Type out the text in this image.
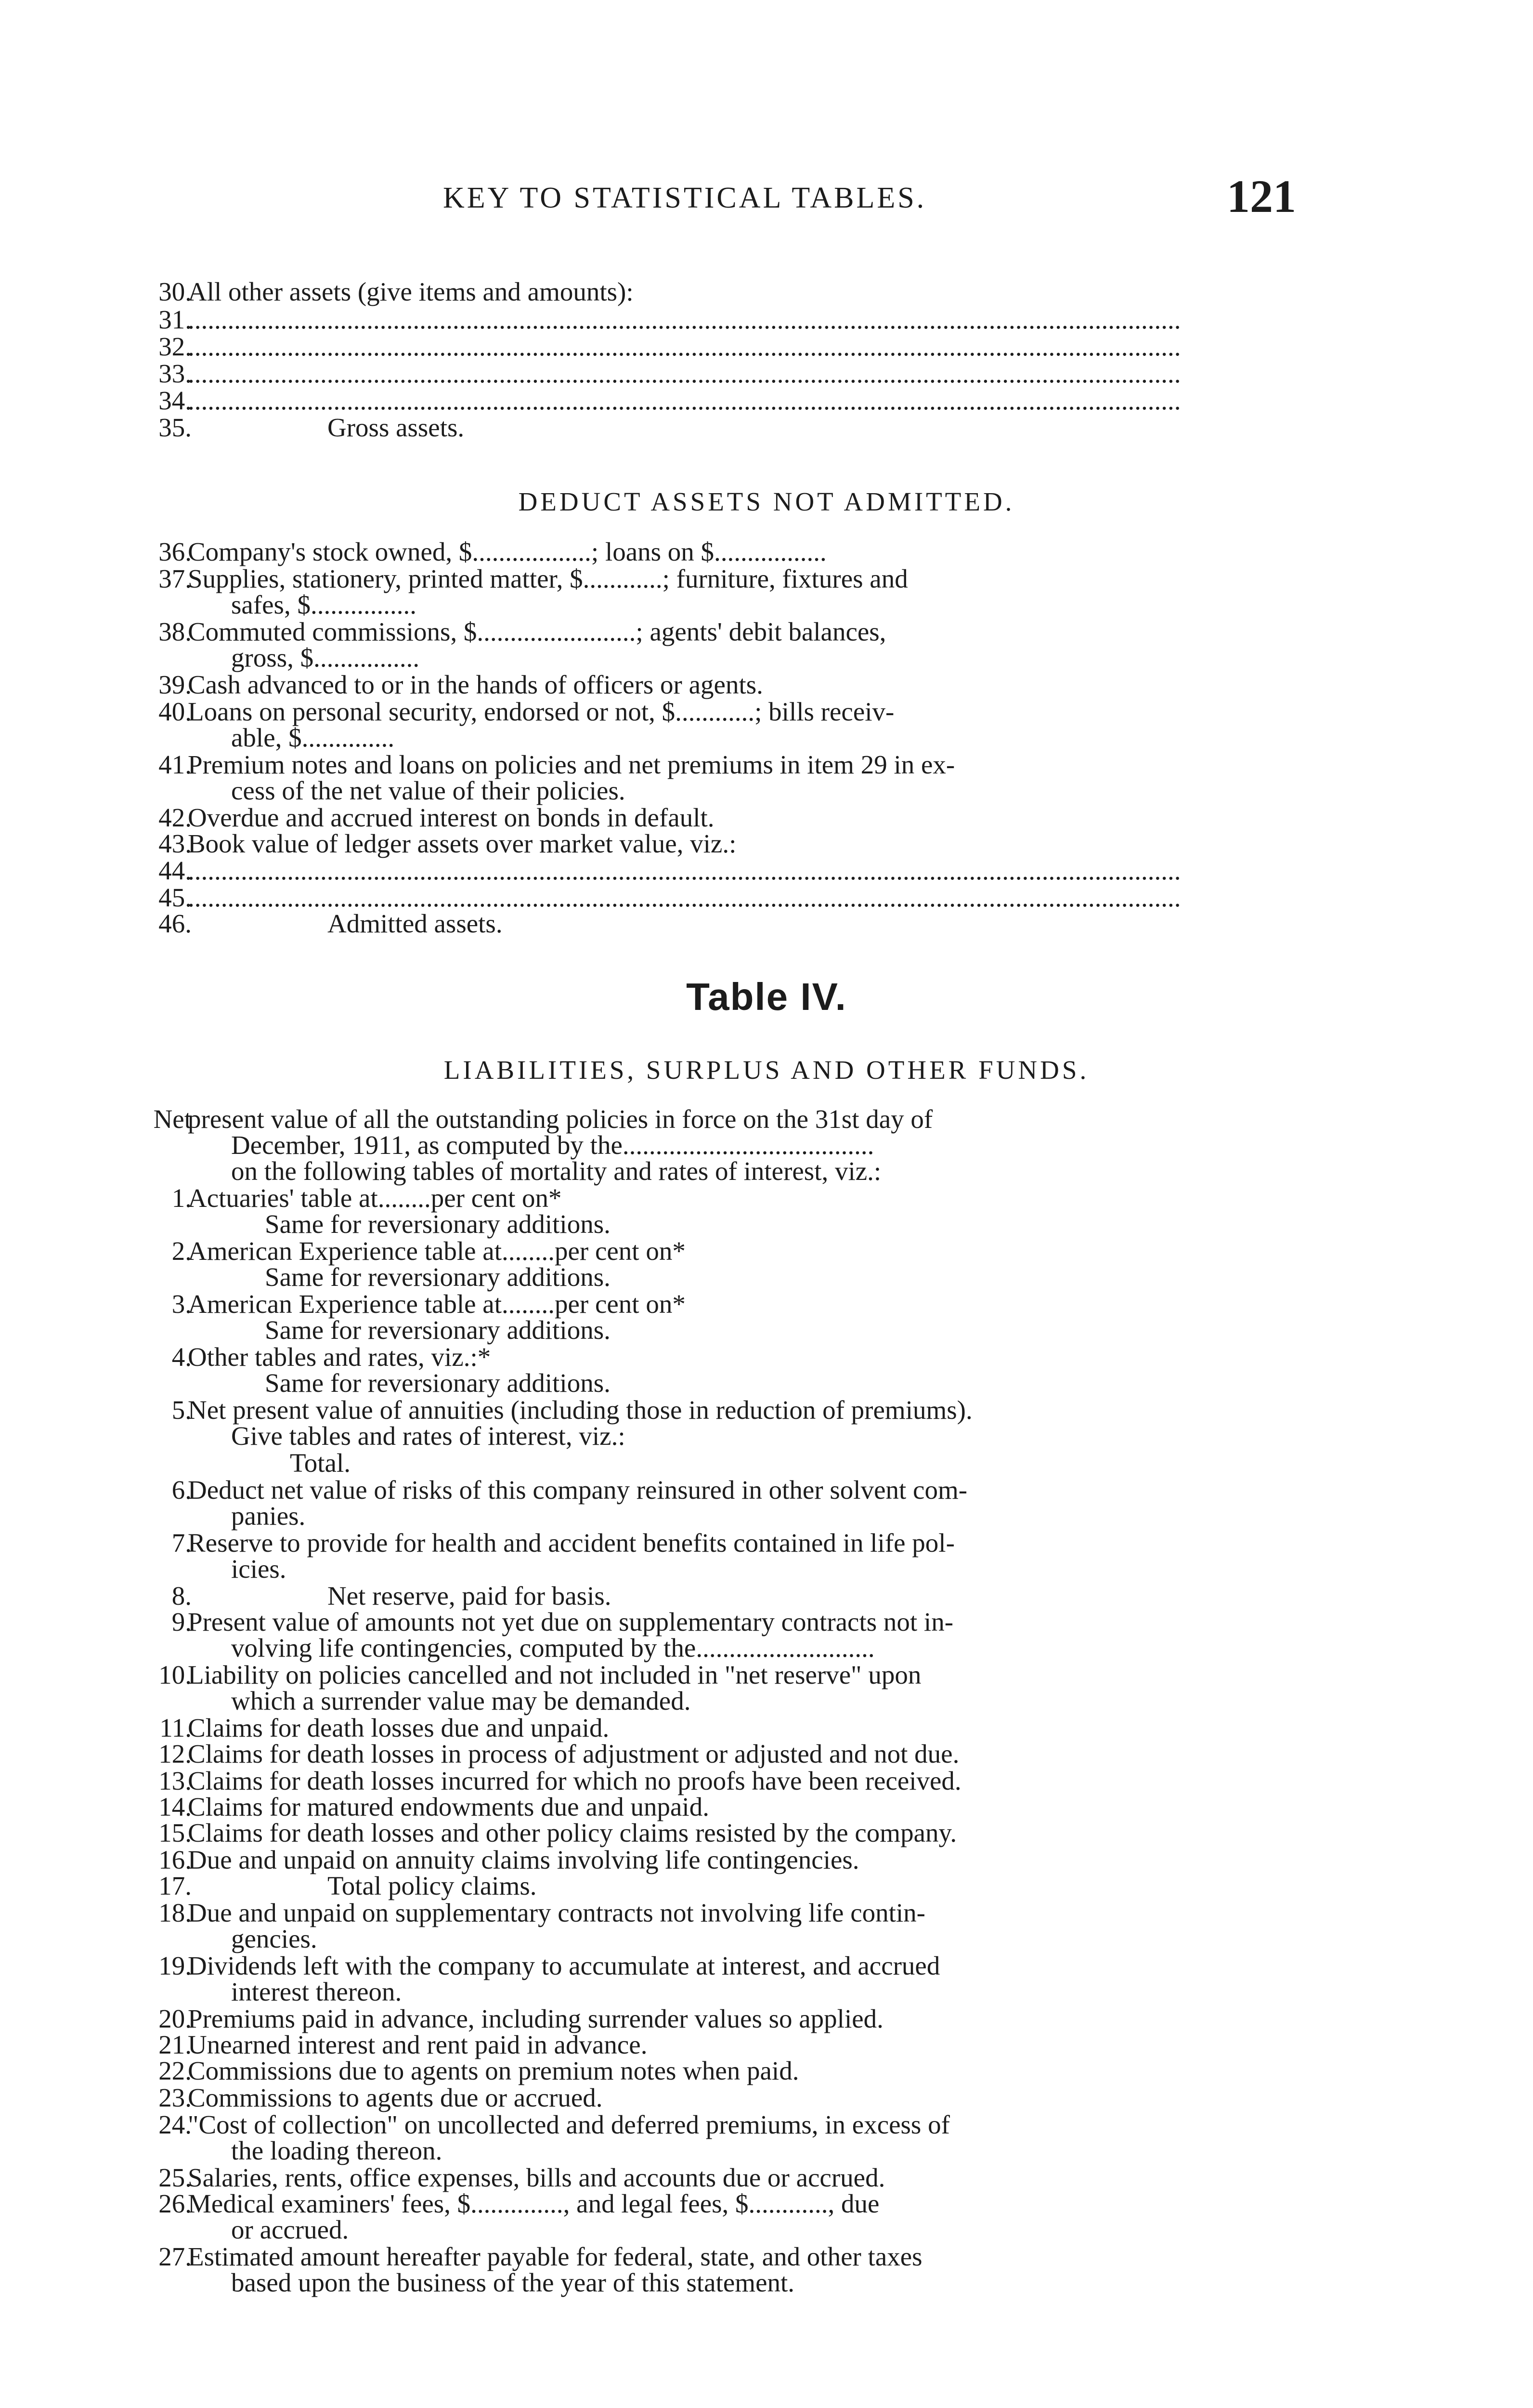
KEY TO STATISTICAL TABLES.	121
30.
All other assets (give items and amounts):
31.
......................................................................................................................................................
32.
......................................................................................................................................................
33.
......................................................................................................................................................
34.
......................................................................................................................................................
35.	Gross assets.
DEDUCT ASSETS NOT ADMITTED.
36.
Company's stock owned, $..................; loans on $.................
37.
Supplies, stationery, printed matter, $............; furniture, fixtures and
safes, $................
38.
Commuted commissions, $........................; agents' debit balances,
gross, $................
39.
Cash advanced to or in the hands of officers or agents.
40.
Loans on personal security, endorsed or not, $............; bills receiv-
able, $..............
41.
Premium notes and loans on policies and net premiums in item 29 in ex-
cess of the net value of their policies.
42.
Overdue and accrued interest on bonds in default.
43.
Book value of ledger assets over market value, viz.:
44.
......................................................................................................................................................
45.
......................................................................................................................................................
46.	Admitted assets.
Table IV.
LIABILITIES, SURPLUS AND OTHER FUNDS.
Net
present value of all the outstanding policies in force on the 31st day of
December, 1911, as computed by the......................................
on the following tables of mortality and rates of interest, viz.:
1.
Actuaries' table at........per cent on*
Same for reversionary additions.
2.
American Experience table at........per cent on*
Same for reversionary additions.
3.
American Experience table at........per cent on*
Same for reversionary additions.
4.
Other tables and rates, viz.:*
Same for reversionary additions.
5.
Net present value of annuities (including those in reduction of premiums).
Give tables and rates of interest, viz.:
Total.
6.
Deduct net value of risks of this company reinsured in other solvent com-
panies.
7.
Reserve to provide for health and accident benefits contained in life pol-
icies.
8.	Net reserve, paid for basis.
9.
Present value of amounts not yet due on supplementary contracts not in-
volving life contingencies, computed by the...........................
10.
Liability on policies cancelled and not included in "net reserve" upon
which a surrender value may be demanded.
11.
Claims for death losses due and unpaid.
12.
Claims for death losses in process of adjustment or adjusted and not due.
13.
Claims for death losses incurred for which no proofs have been received.
14.
Claims for matured endowments due and unpaid.
15.
Claims for death losses and other policy claims resisted by the company.
16.
Due and unpaid on annuity claims involving life contingencies.
17.	Total policy claims.
18.
Due and unpaid on supplementary contracts not involving life contin-
gencies.
19.
Dividends left with the company to accumulate at interest, and accrued
interest thereon.
20.
Premiums paid in advance, including surrender values so applied.
21.
Unearned interest and rent paid in advance.
22.
Commissions due to agents on premium notes when paid.
23.
Commissions to agents due or accrued.
24.
"Cost of collection" on uncollected and deferred premiums, in excess of
the loading thereon.
25.
Salaries, rents, office expenses, bills and accounts due or accrued.
26.
Medical examiners' fees, $.............., and legal fees, $............, due
or accrued.
27.
Estimated amount hereafter payable for federal, state, and other taxes
based upon the business of the year of this statement.
